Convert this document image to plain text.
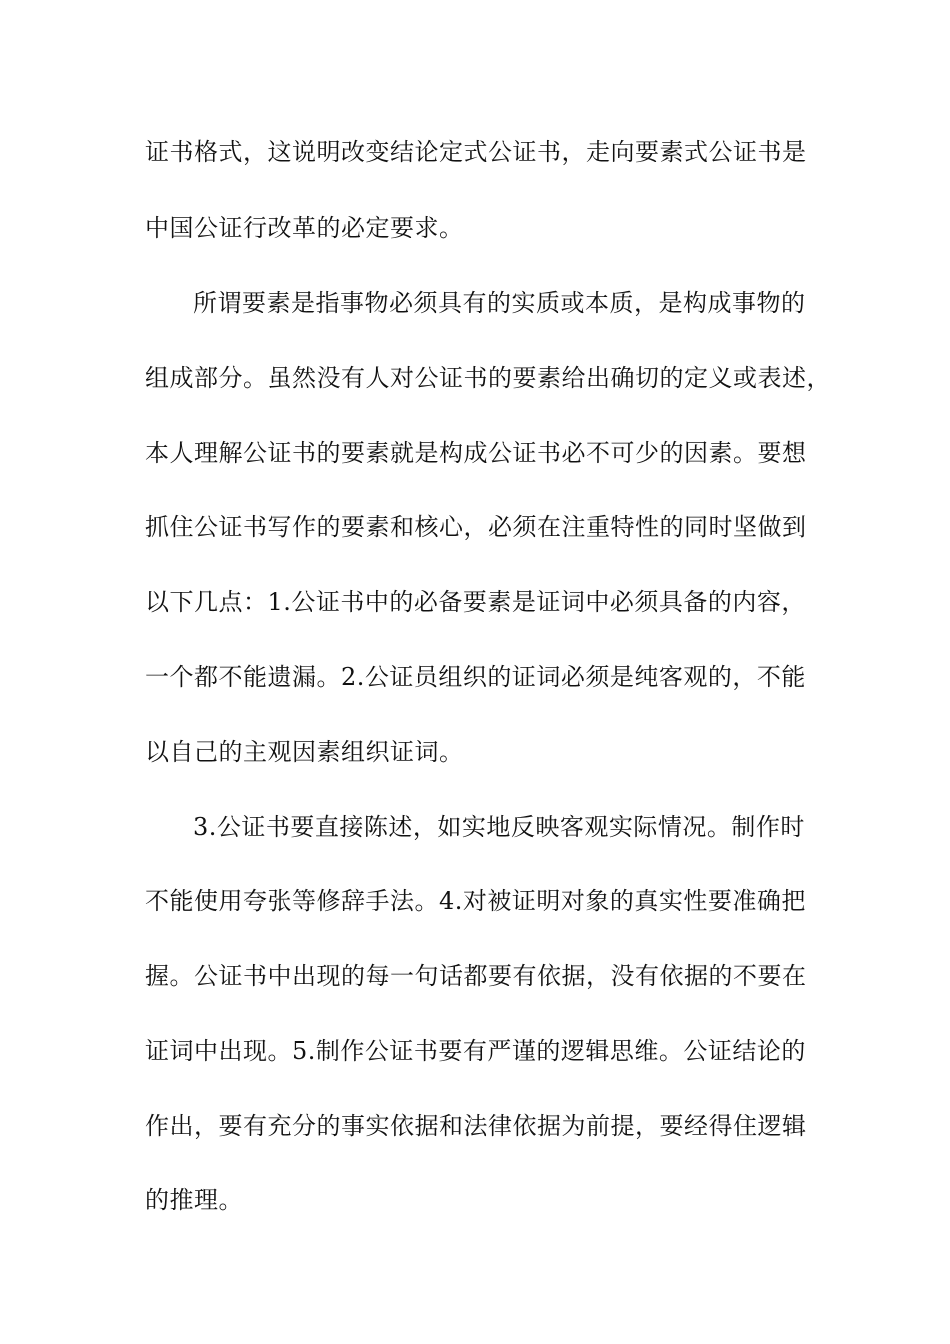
证书格式，这说明改变结论定式公证书，走向要素式公证书是
中国公证行改革的必定要求。
所谓要素是指事物必须具有的实质或本质，是构成事物的
组成部分。虽然没有人对公证书的要素给出确切的定义或表述，
本人理解公证书的要素就是构成公证书必不可少的因素。要想
抓住公证书写作的要素和核心，必须在注重特性的同时坚做到
以下几点：1.公证书中的必备要素是证词中必须具备的内容，
一个都不能遗漏。2.公证员组织的证词必须是纯客观的，不能
以自己的主观因素组织证词。
3.公证书要直接陈述，如实地反映客观实际情况。制作时
不能使用夸张等修辞手法。4.对被证明对象的真实性要准确把
握。公证书中出现的每一句话都要有依据，没有依据的不要在
证词中出现。5.制作公证书要有严谨的逻辑思维。公证结论的
作出，要有充分的事实依据和法律依据为前提，要经得住逻辑
的推理。
